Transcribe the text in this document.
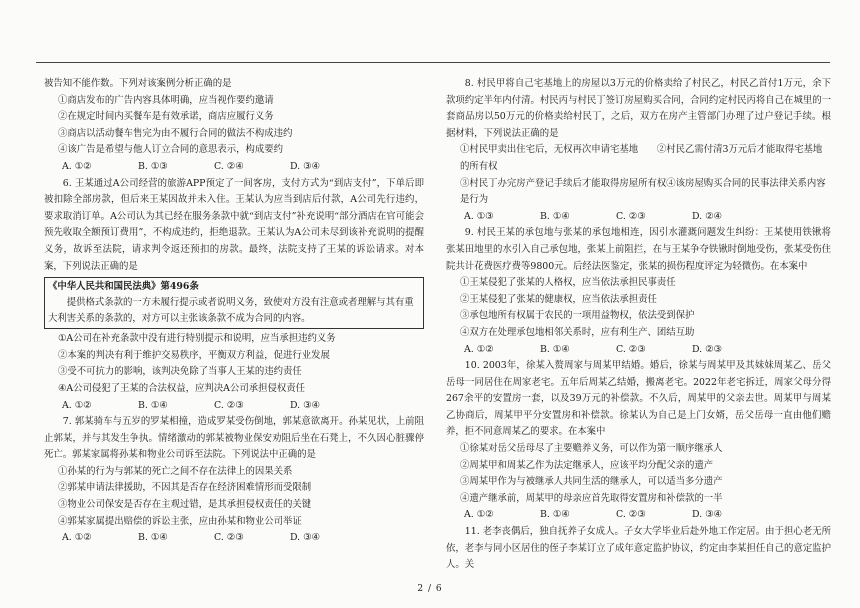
被告知不能作数。下列对该案例分析正确的是
①商店发布的广告内容具体明确，应当视作要约邀请
②在规定时间内买餐车是有效承诺，商店应履行义务
③商店以活动餐车售完为由不履行合同的做法不构成违约
④该广告是希望与他人订立合同的意思表示，构成要约
A. ①②	B. ①③	C. ②④	D. ③④
6. 王某通过A公司经营的旅游APP预定了一间客房，支付方式为“到店支付”，下单后即被扣除全部房款，但后来王某因故并未入住。王某认为应当到店后付款，A公司先行违约，要求取消订单。A公司认为其已经在服务条款中就“到店支付”补充说明“部分酒店在官可能会预先收取全额预订费用”，不构成违约，拒绝退款。王某认为A公司未尽到该补充说明的提醒义务，故诉至法院，请求判令返还预扣的房款。最终，法院支持了王某的诉讼请求。对本案，下列说法正确的是
《中华人民共和国民法典》第496条
提供格式条款的一方未履行提示或者说明义务，致使对方没有注意或者理解与其有重大利害关系的条款的，对方可以主张该条款不成为合同的内容。
①A公司在补充条款中没有进行特别提示和说明，应当承担违约义务
②本案的判决有利于维护交易秩序，平衡双方利益，促进行业发展
③受不可抗力的影响，该判决免除了当事人王某的违约责任
④A公司侵犯了王某的合法权益，应判决A公司承担侵权责任
A. ①②	B. ①④	C. ②③	D. ③④
7. 郭某骑车与五岁的罗某相撞，造成罗某受伤倒地，郭某意欲离开。孙某见状，上前阻止郭某，并与其发生争执。情绪激动的郭某被物业保安劝阻后坐在石凳上，不久因心脏骤停死亡。郭某家属将孙某和物业公司诉至法院。下列说法中正确的是
①孙某的行为与郭某的死亡之间不存在法律上的因果关系
②郭某申请法律援助，不因其是否存在经济困难情形而受限制
③物业公司保安是否存在主观过错，是其承担侵权责任的关键
④郭某家属提出赔偿的诉讼主张，应由孙某和物业公司举证
A. ①②	B. ①④	C. ②③	D. ③④
8. 村民甲将自己宅基地上的房屋以3万元的价格卖给了村民乙，村民乙首付1万元，余下款项约定半年内付清。村民丙与村民丁签订房屋购买合同，合同约定村民丙将自己在城里的一套商品房以50万元的价格卖给村民丁，之后，双方在房产主管部门办理了过户登记手续。根据材料，下列说法正确的是
①村民甲卖出住宅后，无权再次申请宅基地　　②村民乙需付清3万元后才能取得宅基地的所有权
③村民丁办完房产登记手续后才能取得房屋所有权④该房屋购买合同的民事法律关系内容是行为
A. ①③	B. ①④	C. ②③	D. ②④
9. 村民王某的承包地与张某的承包地相连，因引水灌溉问题发生纠纷：王某使用铁锹将张某田地里的水引入自己承包地，张某上前阻拦，在与王某争夺铁锹时倒地受伤，张某受伤住院共计花费医疗费等9800元。后经法医鉴定，张某的损伤程度评定为轻微伤。在本案中
①王某侵犯了张某的人格权，应当依法承担民事责任
②王某侵犯了张某的健康权，应当依法承担责任
③承包地所有权属于农民的一项用益物权，依法受到保护
④双方在处理承包地相邻关系时，应有利生产、团结互助
A. ①②	B. ①④	C. ②③	D. ②③
10. 2003年，徐某入赘周家与周某甲结婚。婚后，徐某与周某甲及其妹妹周某乙、岳父岳母一同居住在周家老宅。五年后周某乙结婚，搬离老宅。2022年老宅拆迁，周家父母分得267余平的安置房一套，以及39万元的补偿款。不久后，周某甲的父亲去世。周某甲与周某乙协商后，周某甲平分安置房和补偿款。徐某认为自己是上门女婿，岳父岳母一直由他们赡养，拒不同意周某乙的要求。在本案中
①徐某对岳父岳母尽了主要赡养义务，可以作为第一顺序继承人
②周某甲和周某乙作为法定继承人，应该平均分配父亲的遗产
③周某甲作为与被继承人共同生活的继承人，可以适当多分遗产
④遗产继承前，周某甲的母亲应首先取得安置房和补偿款的一半
A. ①②	B. ①④	C. ②③	D. ③④
11. 老李丧偶后，独自抚养子女成人。子女大学毕业后赴外地工作定居。由于担心老无所依，老李与同小区居住的侄子李某订立了成年意定监护协议，约定由李某担任自己的意定监护人。关
2 / 6
